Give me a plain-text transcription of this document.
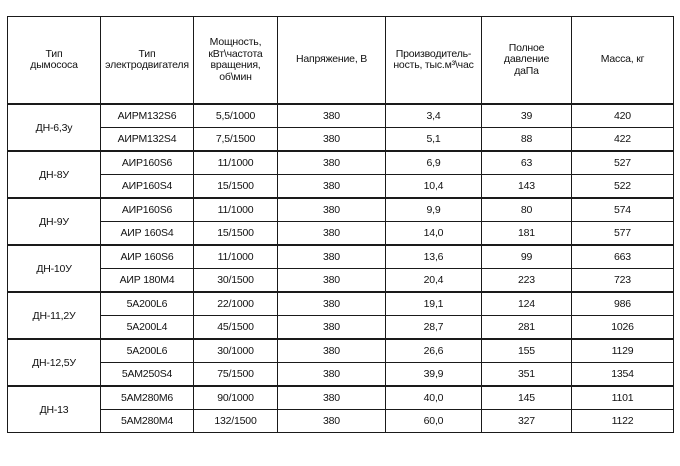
Тип
дымососа	Тип
электродвигателя	Мощность,
кВт\частота
вращения,
об\мин	Напряжение, В	Производитель-
ность, тыс.м³\час	Полное
давление
даПа	Масса, кг
ДН-6,3у	АИРМ132S6	5,5/1000	380	3,4	39	420
	АИРМ132S4	7,5/1500	380	5,1	88	422
ДН-8У	АИР160S6	11/1000	380	6,9	63	527
	АИР160S4	15/1500	380	10,4	143	522
ДН-9У	АИР160S6	11/1000	380	9,9	80	574
	АИР 160S4	15/1500	380	14,0	181	577
ДН-10У	АИР 160S6	11/1000	380	13,6	99	663
	АИР 180М4	30/1500	380	20,4	223	723
ДН-11,2У	5А200L6	22/1000	380	19,1	124	986
	5А200L4	45/1500	380	28,7	281	1026
ДН-12,5У	5А200L6	30/1000	380	26,6	155	1129
	5АМ250S4	75/1500	380	39,9	351	1354
ДН-13	5АМ280М6	90/1000	380	40,0	145	1101
	5АМ280М4	132/1500	380	60,0	327	1122
